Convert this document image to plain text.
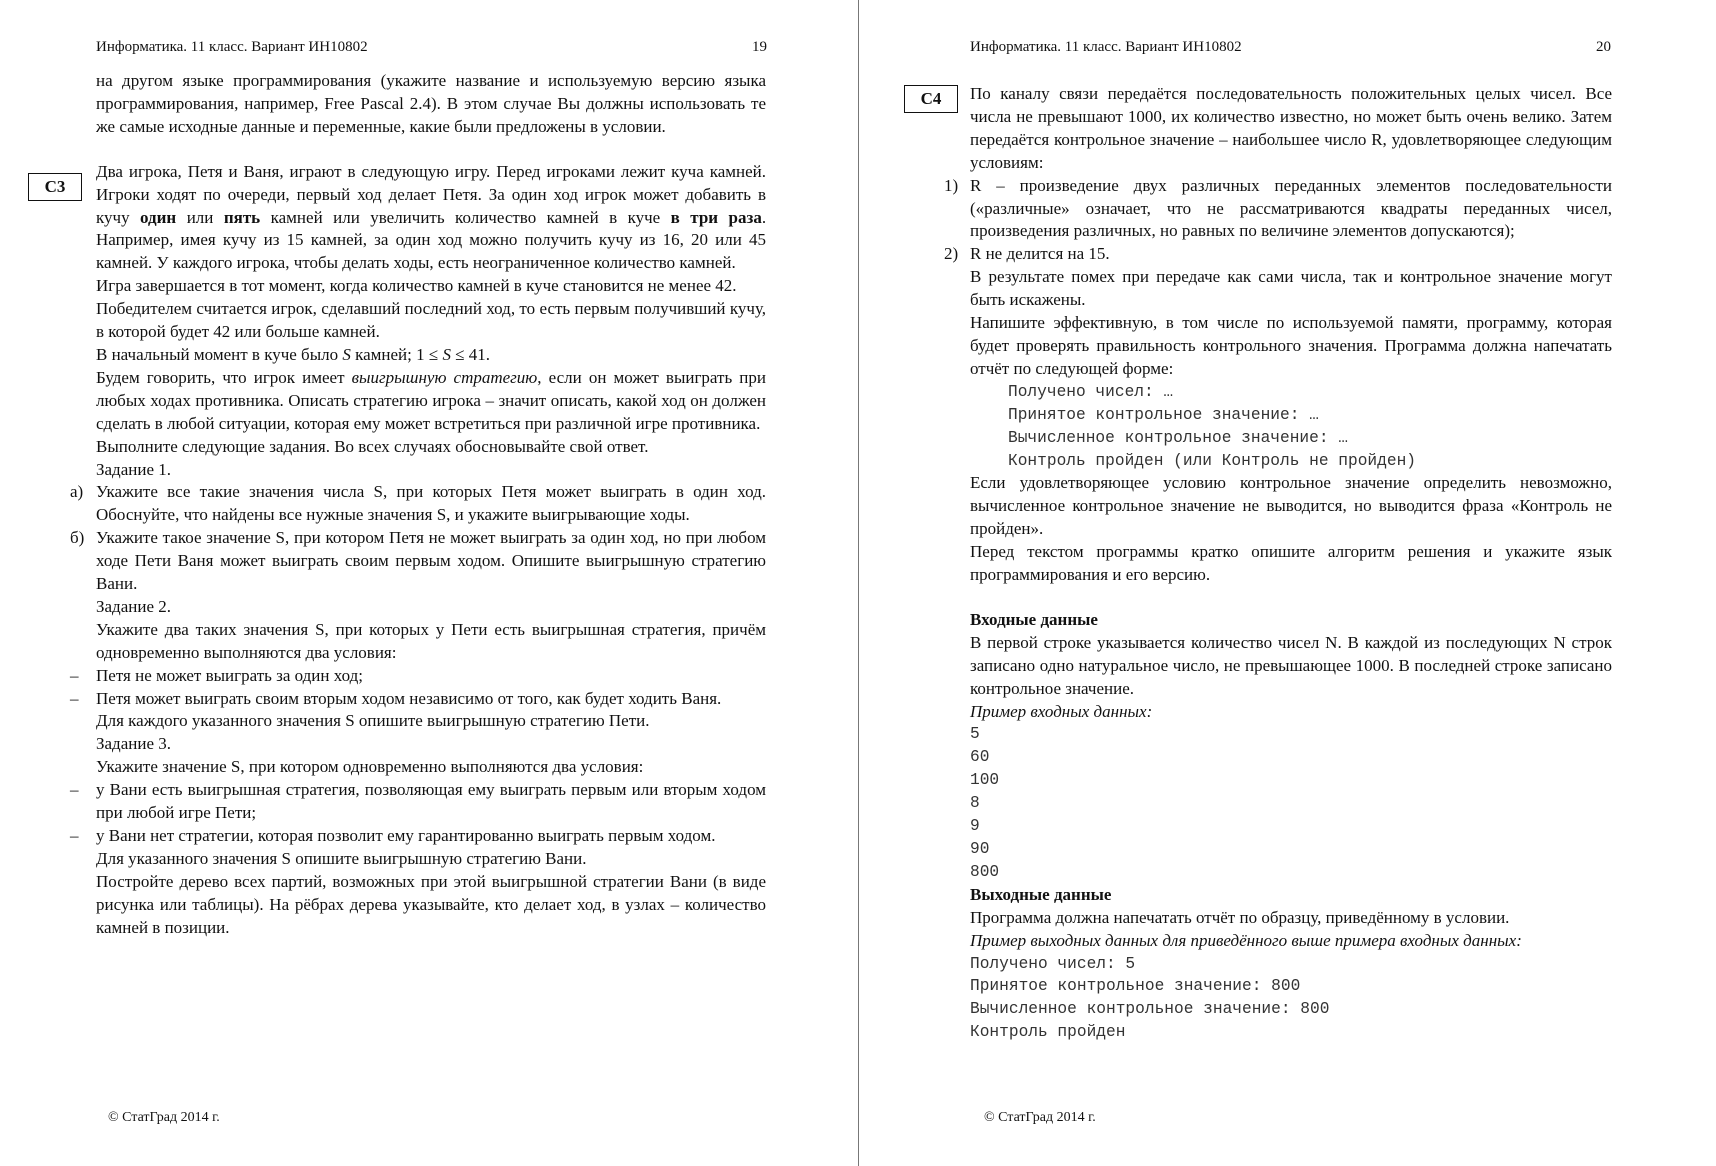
Информатика. 11 класс. Вариант ИН10802	19
C3

на другом языке программирования (укажите название и используемую версию языка программирования, например, Free Pascal 2.4). В этом случае Вы должны использовать те же самые исходные данные и переменные, какие были предложены в условии.

Два игрока, Петя и Ваня, играют в следующую игру. Перед игроками лежит куча камней. Игроки ходят по очереди, первый ход делает Петя. За один ход игрок может добавить в кучу один или пять камней или увеличить количество камней в куче в три раза. Например, имея кучу из 15 камней, за один ход можно получить кучу из 16, 20 или 45 камней. У каждого игрока, чтобы делать ходы, есть неограниченное количество камней.

Игра завершается в тот момент, когда количество камней в куче становится не менее 42.

Победителем считается игрок, сделавший последний ход, то есть первым получивший кучу, в которой будет 42 или больше камней.

В начальный момент в куче было S камней; 1 ≤ S ≤ 41.

Будем говорить, что игрок имеет выигрышную стратегию, если он может выиграть при любых ходах противника. Описать стратегию игрока – значит описать, какой ход он должен сделать в любой ситуации, которая ему может встретиться при различной игре противника.

Выполните следующие задания. Во всех случаях обосновывайте свой ответ.

Задание 1.

а) Укажите все такие значения числа S, при которых Петя может выиграть в один ход. Обоснуйте, что найдены все нужные значения S, и укажите выигрывающие ходы.

б) Укажите такое значение S, при котором Петя не может выиграть за один ход, но при любом ходе Пети Ваня может выиграть своим первым ходом. Опишите выигрышную стратегию Вани.

Задание 2.

Укажите два таких значения S, при которых у Пети есть выигрышная стратегия, причём одновременно выполняются два условия:

– Петя не может выиграть за один ход;

– Петя может выиграть своим вторым ходом независимо от того, как будет ходить Ваня.

Для каждого указанного значения S опишите выигрышную стратегию Пети.

Задание 3.

Укажите значение S, при котором одновременно выполняются два условия:

– у Вани есть выигрышная стратегия, позволяющая ему выиграть первым или вторым ходом при любой игре Пети;

– у Вани нет стратегии, которая позволит ему гарантированно выиграть первым ходом.

Для указанного значения S опишите выигрышную стратегию Вани.

Постройте дерево всех партий, возможных при этой выигрышной стратегии Вани (в виде рисунка или таблицы). На рёбрах дерева указывайте, кто делает ход, в узлах – количество камней в позиции.

© СтатГрад 2014 г.
Информатика. 11 класс. Вариант ИН10802	20
C4	По каналу связи передаётся последовательность положительных целых чисел. Все числа не превышают 1000, их количество известно, но может быть очень велико. Затем передаётся контрольное значение – наибольшее число R, удовлетворяющее следующим условиям:

1) R – произведение двух различных переданных элементов последовательности («различные» означает, что не рассматриваются квадраты переданных чисел, произведения различных, но равных по величине элементов допускаются);

2) R не делится на 15.

В результате помех при передаче как сами числа, так и контрольное значение могут быть искажены.

Напишите эффективную, в том числе по используемой памяти, программу, которая будет проверять правильность контрольного значения. Программа должна напечатать отчёт по следующей форме:

Получено чисел: …

Принятое контрольное значение: …

Вычисленное контрольное значение: …

Контроль пройден (или Контроль не пройден)

Если удовлетворяющее условию контрольное значение определить невозможно, вычисленное контрольное значение не выводится, но выводится фраза «Контроль не пройден».

Перед текстом программы кратко опишите алгоритм решения и укажите язык программирования и его версию.

Входные данные

В первой строке указывается количество чисел N. В каждой из последующих N строк записано одно натуральное число, не превышающее 1000. В последней строке записано контрольное значение.

Пример входных данных:

5

60

100

8

9

90

800

Выходные данные

Программа должна напечатать отчёт по образцу, приведённому в условии.

Пример выходных данных для приведённого выше примера входных данных:

Получено чисел: 5

Принятое контрольное значение: 800

Вычисленное контрольное значение: 800

Контроль пройден

© СтатГрад 2014 г.
